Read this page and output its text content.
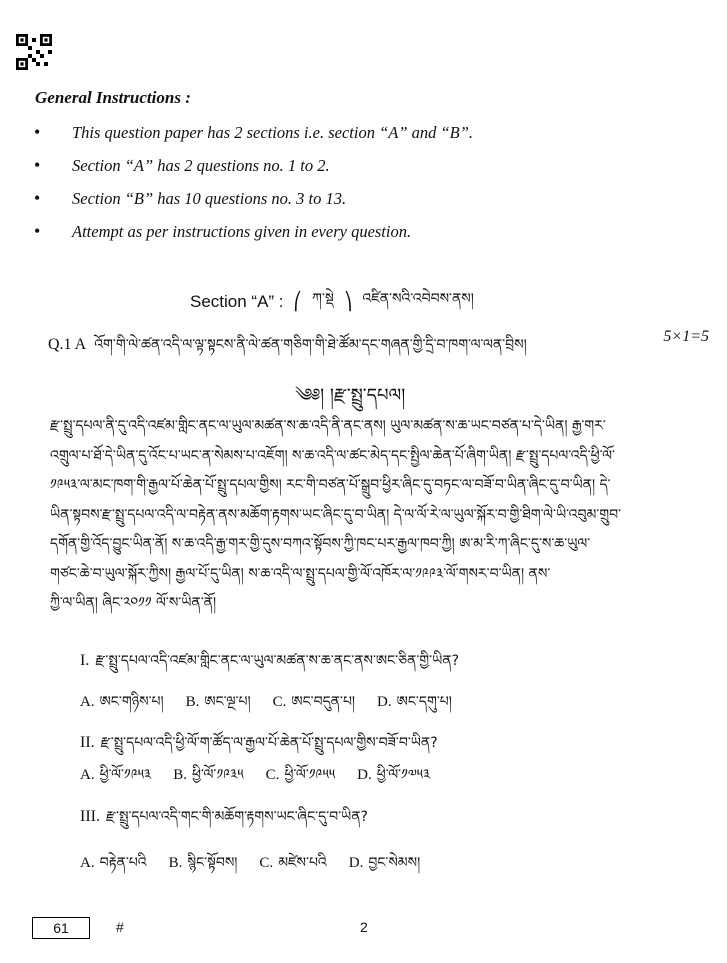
General Instructions :
•	This question paper has 2 sections i.e. section “A” and “B”.
•	Section “A” has 2 questions no. 1 to 2.
•	Section “B” has 10 questions no. 3 to 13.
•	Attempt as per instructions given in every question.
Section “A” : ⎛ ཀ་སྡེ ⎞ འཛིན་སའི་འབེབས་ནས།
Q.1 A འོག་གི་ལེ་ཚན་འདི་ལ་ལྟ་སྟངས་ནི་ལེ་ཚན་གཅིག་གི་ཐེ་ཚོམ་དང་གཞན་གྱི་དྲི་བ་ཁག་ལ་ལན་བྲིས།	5×1=5
༄༅། །རྫ་སྤྲུ་དཔལ།
རྫ་སྤྲུ་དཔལ་ནི་དུ་འདི་འཛམ་གླིང་ནང་ལ་ཡུལ་མཚན་ས་ཆ་འདི་ནི་ནང་ནས། ཡུལ་མཚན་ས་ཆ་ཡང་བཙན་པ་དེ་ཡིན། རྒྱ་གར་
འགྲུལ་པ་ཐོ་དེ་ཡིན་དུ་འོང་པ་ཡང་ན་སེམས་པ་འཇོག། ས་ཆ་འདི་ལ་ཚང་མེད་དང་སྤྱིལ་ཆེན་པོ་ཞིག་ཡིན། རྫ་སྤྲུ་དཔལ་འདི་ཕྱི་ལོ་
༡༩༥༣་ལ་མང་ཁག་གི་རྒྱལ་པོ་ཆེན་པོ་སྤྲུ་དཔལ་གྱིས། རང་གི་བཙན་པོ་སྒྲུབ་ཕྱིར་ཞིང་དུ་བཏང་ལ་བཟོ་བ་ཡིན་ཞིང་དུ་བ་ཡིན། དེ་
ཡིན་སྟབས་རྫ་སྤྲུ་དཔལ་འདི་ལ་བརྟེན་ནས་མཆོག་རྟགས་ཡང་ཞིང་དུ་བ་ཡིན། དེ་ལ་ལོ་རེ་ལ་ཡུལ་སྐོར་བ་གྱི་ཐིག་ལེ་ཡི་འབུམ་གྲུབ་
དགོན་གྱི་འོད་བྱུང་ཡིན་ནོ། ས་ཆ་འདི་རྒྱ་གར་གྱི་དུས་བཀའ་སྟོབས་ཀྱི་ཁང་པར་རྒྱལ་ཁབ་ཀྱི། ཨ་མ་རི་ཀ་ཞིང་དུ་ས་ཆ་ཡུལ་
གཙང་ཆེ་བ་ཡུལ་སྐོར་ཀྱིས། རྒྱལ་པོ་དུ་ཡིན། ས་ཆ་འདི་ལ་སྤྲུ་དཔལ་གྱི་ལོ་འཁོར་ལ་༡༩༩༣་ལོ་གསར་བ་ཡིན། ནས་
ཀྱི་ལ་ཡིན། ཞིང་༢༠༡༡ ལོ་ས་ཡིན་ནོ།
I. རྫ་སྤྲུ་དཔལ་འདི་འཛམ་གླིང་ནང་ལ་ཡུལ་མཚན་ས་ཆ་ནང་ནས་ཨང་ཅིན་གྱི་ཡིན?
A. ཨང་གཉིས་པ། B. ཨང་ལྔ་པ། C. ཨང་བདུན་པ། D. ཨང་དགུ་པ།
II. རྫ་སྤྲུ་དཔལ་འདི་ཕྱི་ལོ་ག་ཚོད་ལ་རྒྱལ་པོ་ཆེན་པོ་སྤྲུ་དཔལ་གྱིས་བཟོ་བ་ཡིན?
A. ཕྱི་ལོ་༡༩༥༣ B. ཕྱི་ལོ་༡༩༣༥ C. ཕྱི་ལོ་༡༩༥༥ D. ཕྱི་ལོ་༡༧༥༣
III. རྫ་སྤྲུ་དཔལ་འདི་གང་གི་མཆོག་རྟགས་ཡང་ཞིང་དུ་བ་ཡིན?
A. བརྟེན་པའི B. སྙིང་སྟོབས། C. མཛེས་པའི D. བྱང་སེམས།
61	#	2
